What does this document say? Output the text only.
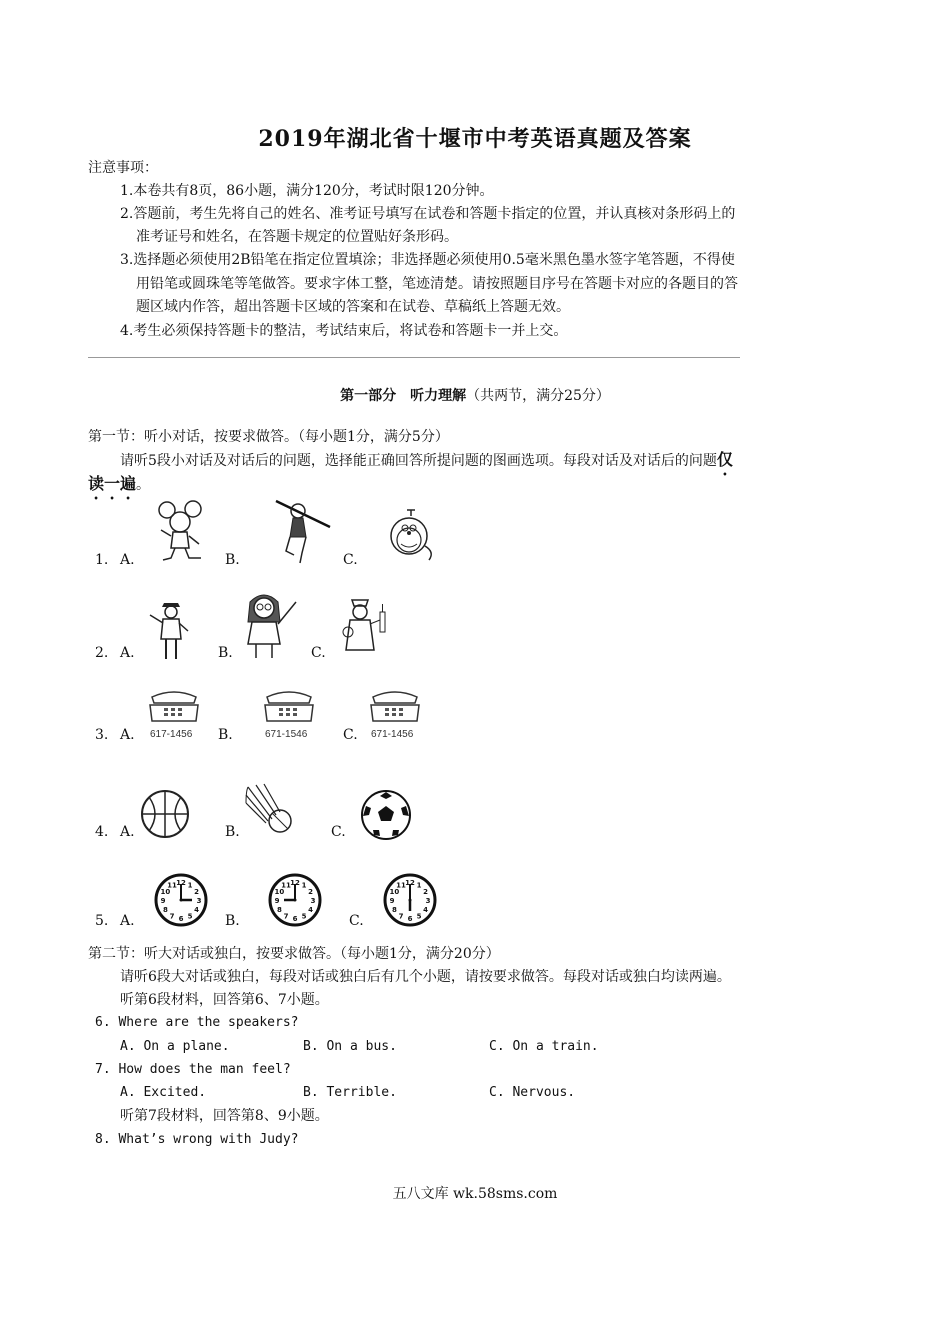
2019年湖北省十堰市中考英语真题及答案
注意事项：
1.本卷共有8页，86小题，满分120分，考试时限120分钟。
2.答题前，考生先将自己的姓名、准考证号填写在试卷和答题卡指定的位置，并认真核对条形码上的
准考证号和姓名，在答题卡规定的位置贴好条形码。
3.选择题必须使用2B铅笔在指定位置填涂；非选择题必须使用0.5毫米黑色墨水签字笔答题，不得使
用铅笔或圆珠笔等笔做答。要求字体工整，笔迹清楚。请按照题目序号在答题卡对应的各题目的答
题区域内作答，超出答题卡区域的答案和在试卷、草稿纸上答题无效。
4.考生必须保持答题卡的整洁，考试结束后，将试卷和答题卡一并上交。
第一部分　听力理解（共两节，满分25分）
第一节：听小对话，按要求做答。（每小题1分，满分5分）
请听5段小对话及对话后的问题，选择能正确回答所提问题的图画选项。每段对话及对话后的问题仅
读一遍。
1. A.	B.	C.
2. A.	B.	C.
3. A.	B.	C.
617-1456	671-1546	671-1456
4. A.	B.	C.
5. A.	B.	C.
1
2
3
4
5
6
7
8
9
10
11 12	1
2
3
4
5
6
7
8
9
10
11 12	1
2
3
4
5
6
7
8
9
10
11 12
第二节：听大对话或独白，按要求做答。（每小题1分，满分20分）
请听6段大对话或独白，每段对话或独白后有几个小题，请按要求做答。每段对话或独白均读两遍。
听第6段材料，回答第6、7小题。
6. Where are the speakers?
A. On a plane.	B. On a bus.	C. On a train.
7. How does the man feel?
A. Excited.	B. Terrible.	C. Nervous.
听第7段材料，回答第8、9小题。
8. What’s wrong with Judy?
五八文库 wk.58sms.com
